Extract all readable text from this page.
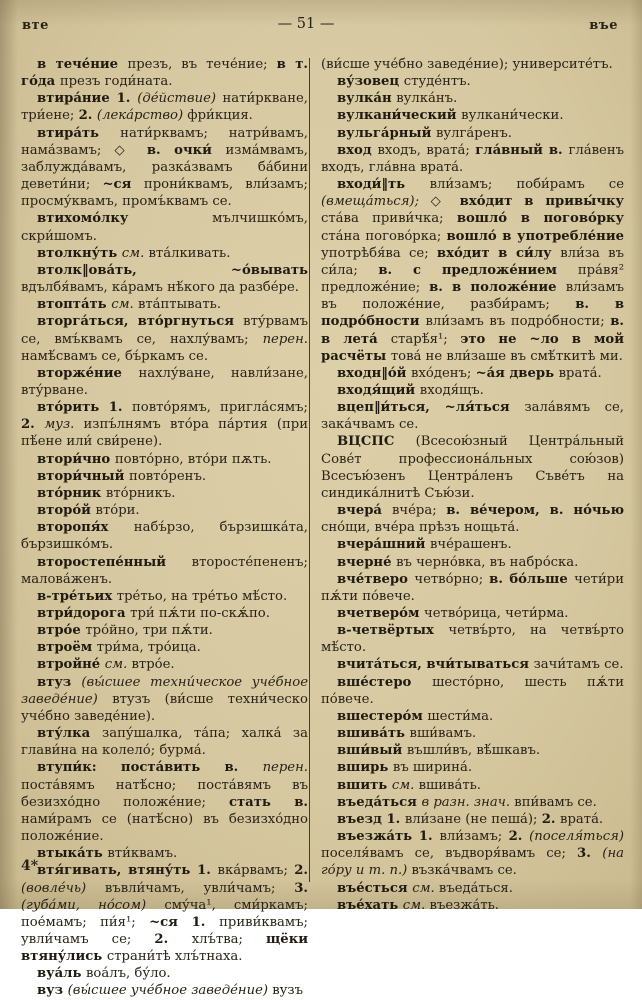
вте	— 51 —	въе

в тече́ние презъ, въ тече́ние; в т. го́да презъ годи́ната.

втира́ние 1. (де́йствие) нати́ркване, три́ене; 2. (лека́рство) фри́кция.

втира́ть нати́рквамъ; натри́вамъ, нама́звамъ; ◇ в. очки́ изма́мвамъ, заблужда́вамъ, разка́звамъ ба́бини девети́ни; ~ся прони́квамъ, вли́замъ; просму́квамъ, промъ́квамъ се.

втихомо́лку мълчишко́мъ, скри́шомъ.

втолкну́ть см. вта́лкивать.

втолк‖ова́ть, ~о́вывать вдълбя́вамъ, ка́рамъ нѣ́кого да разбе́ре.

втопта́ть см. вта́птывать.

вторга́ться, вто́ргнуться вту́рвамъ се, вмъ́квамъ се, нахлу́вамъ; перен. намѣ́свамъ се, бъ́ркамъ се.

вторже́ние нахлу́ване, навли́зане, вту́рване.

вто́рить 1. повто́рямъ, пригла́сямъ; 2. муз. изпъ́лнямъ вто́ра па́ртия (при пѣ́ене или́ сви́рене).

втори́чно повто́рно, вто́ри пѫть.

втори́чный повто́ренъ.

вто́рник вто́рникъ.

второ́й вто́ри.

второпя́х набъ́рзо, бързишка́та, бързишко́мъ.

второстепе́нный второсте́пененъ; малова́женъ.

в-тре́тьих тре́тьо, на тре́тьо мѣ́сто.

втри́дорога три́ пѫ́ти по-скѫ́по.

втро́е тро́йно, три пѫ́ти.

втроём три́ма, тро́ица.

втройне́ см. втро́е.

втуз (вы́сшее техни́ческое уче́бное заведе́ние) втузъ (ви́сше техни́ческо уче́бно заведе́ние).

вту́лка запу́шалка, та́па; халка́ за глави́на на колело́; бурма́.

втупи́к: поста́вить в. перен. поста́вямъ натѣ́сно; поста́вямъ въ безизхо́дно положе́ние; стать в. нами́рамъ се (натѣ́сно) въ безизхо́дно положе́ние.

втыка́ть вти́квамъ.

втя́гивать, втяну́ть 1. вка́рвамъ; 2. (вовле́чь) въвли́чамъ, увли́чамъ; 3. (губа́ми, но́сом) сму́ча¹, сми́ркамъ; пое́мамъ; пи́я¹; ~ся 1. приви́квамъ; увли́чамъ се; 2. хлъ́тва; щёки втяну́лись страни́тѣ хлъ́тнаха.

вуа́ль воа́лъ, бу́ло.

вуз (вы́сшее уче́бное заведе́ние) вузъ

(ви́сше уче́бно заведе́ние); университе́тъ.

ву́зовец студе́нтъ.

вулка́н вулка́нъ.

вулкани́ческий вулкани́чески.

вульга́рный вулга́ренъ.

вход входъ, врата́; гла́вный в. гла́венъ входъ, гла́вна врата́.

входи́‖ть вли́замъ; поби́рамъ се (вмеща́ться); ◇ вхо́дит в привы́чку ста́ва приви́чка; вошло́ в погово́рку ста́на погово́рка; вошло́ в употребле́ние употрѣбя́ва се; вхо́дит в си́лу вли́за въ си́ла; в. с предложе́нием пра́вя² предложе́ние; в. в положе́ние вли́замъ въ положе́ние, разби́рамъ; в. в подро́бности вли́замъ въ подро́бности; в. в лета́ старѣ́я¹; это не ~ло в мой расчёты това́ не вли́заше въ смѣ́ткитѣ ми.

входн‖о́й вхо́денъ; ~а́я дверь врата́.

входя́щий входя́щъ.

вцеп‖и́ться, ~ля́ться зала́вямъ се, зака́чвамъ се.

ВЦСПС (Всесою́зный Центра́льный Сове́т профессиона́льных сою́зов) Всесъю́зенъ Центра́ленъ Съве́тъ на синдика́лнитѣ Съю́зи.

вчера́ вче́ра; в. ве́чером, в. но́чью сно́щи, вче́ра прѣзъ нощьта́.

вчера́шний вче́рашенъ.

вчерне́ въ черно́вка, въ набро́ска.

вче́тверо четво́рно; в. бо́льше чети́ри пѫ́ти по́вече.

вчетверо́м четво́рица, чети́рма.

в-четвёртых четвъ́рто, на четвъ́рто мѣ́сто.

вчита́ться, вчи́тываться зачи́тамъ се.

вше́стеро шесто́рно, шесть пѫ́ти по́вече.

вшестеро́м шести́ма.

вшива́ть вши́вамъ.

вши́вый въшли́въ, вѣ́шкавъ.

вширь въ ширина́.

вшить см. вшива́ть.

въеда́ться в разн. знач. впи́вамъ се.

въезд 1. вли́зане (не пеша́); 2. врата́.

въезжа́ть 1. вли́замъ; 2. (поселя́ться) поселя́вамъ се, въдворя́вамъ се; 3. (на го́ру и т. п.) възка́чвамъ се.

въе́сться см. въеда́ться.

въе́хать см. въезжа́ть.

4*
